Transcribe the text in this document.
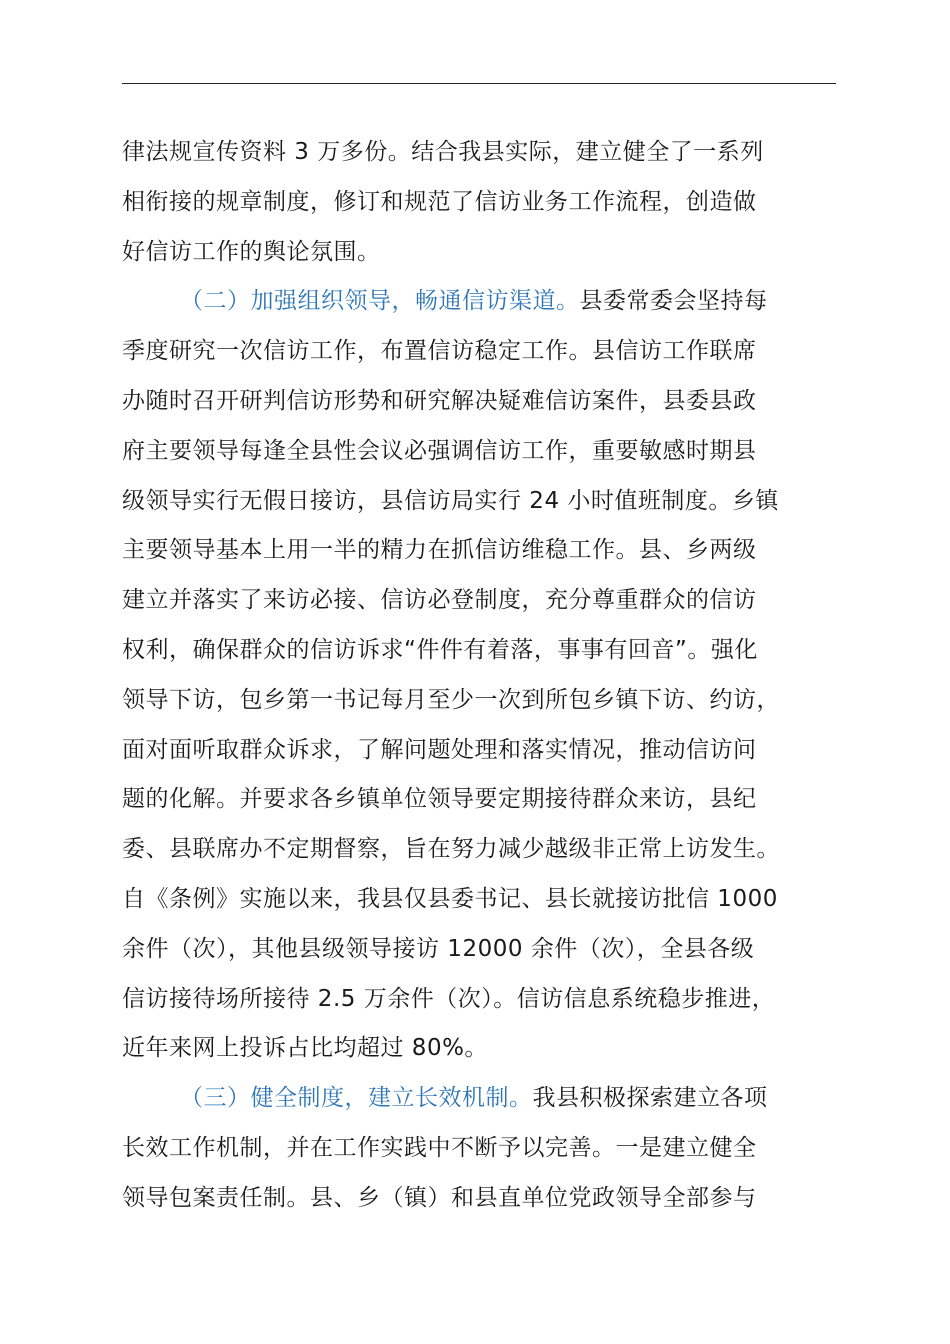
律法规宣传资料 3 万多份。结合我县实际，建立健全了一系列
相衔接的规章制度，修订和规范了信访业务工作流程，创造做
好信访工作的舆论氛围。
（二）加强组织领导，畅通信访渠道。县委常委会坚持每
季度研究一次信访工作，布置信访稳定工作。县信访工作联席
办随时召开研判信访形势和研究解决疑难信访案件，县委县政
府主要领导每逢全县性会议必强调信访工作，重要敏感时期县
级领导实行无假日接访，县信访局实行 24 小时值班制度。乡镇
主要领导基本上用一半的精力在抓信访维稳工作。县、乡两级
建立并落实了来访必接、信访必登制度，充分尊重群众的信访
权利，确保群众的信访诉求“件件有着落，事事有回音”。强化
领导下访，包乡第一书记每月至少一次到所包乡镇下访、约访，
面对面听取群众诉求，了解问题处理和落实情况，推动信访问
题的化解。并要求各乡镇单位领导要定期接待群众来访，县纪
委、县联席办不定期督察，旨在努力减少越级非正常上访发生。
自《条例》实施以来，我县仅县委书记、县长就接访批信 1000
余件（次），其他县级领导接访 12000 余件（次），全县各级
信访接待场所接待 2.5 万余件（次）。信访信息系统稳步推进，
近年来网上投诉占比均超过 80%。
（三）健全制度，建立长效机制。我县积极探索建立各项
长效工作机制，并在工作实践中不断予以完善。一是建立健全
领导包案责任制。县、乡（镇）和县直单位党政领导全部参与
